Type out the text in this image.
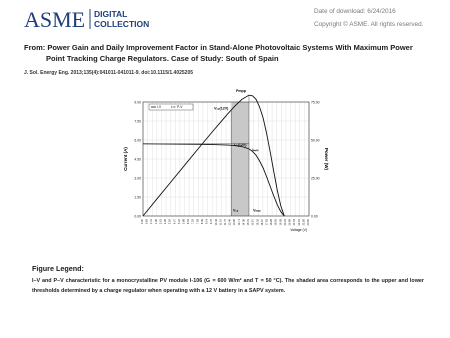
ASME DIGITAL
COLLECTION
Date of download: 6/24/2016
Copyright © ASME. All rights reserved.
From: Power Gain and Daily Improvement Factor in Stand-Alone Photovoltaic Systems With Maximum Power
Point Tracking Charge Regulators. Case of Study: South of Spain
J. Sol. Energy Eng. 2013;135(4):041011-041011-9. doi:10.1115/1.4025205
0.00
1.50
3.00
4.50
6.00
7.50
9.00
0.00
25.00
50.00
75.00
0.00 0.65 1.31 1.96 2.61 3.26 3.92 4.57 5.22 5.88 6.53 7.18 7.83 8.49 9.14 9.79 10.44 11.10 11.75 12.40 13.06 13.71 14.36 15.01 15.67 16.32 16.97 17.63 18.28 18.93 19.58 20.24 20.89 21.54 22.19 22.85 23.50
Current (A)	Power (W)
Voltage (V)
I-V	P-V
Pmpp
Vₒₚ(12V)
Iₒₚ(12V)
Iₘₚₚ
Vₒₚ	Vₘₚₚ
Figure Legend:
I–V and P–V characteristic for a monocrystalline PV module I-106 (G  = 600 W/m² and T  = 50 °C). The shaded area corresponds to the upper and lower thresholds determined by a charge regulator when operating with a 12 V battery in a SAPV system.
